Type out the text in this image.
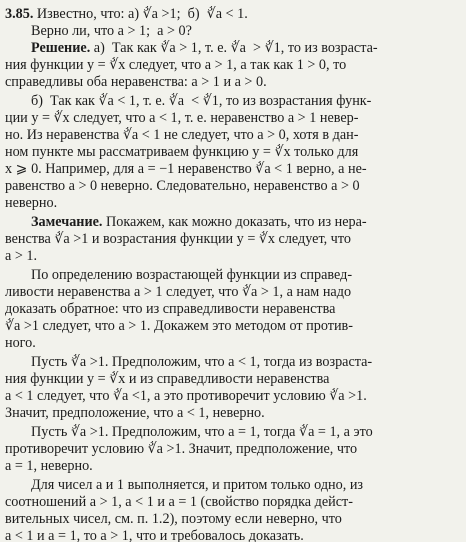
3.85. Известно, что: а) ∛a >1;  б)  ∛a < 1.
Верно ли, что a > 1;  a > 0?
Решение. а)  Так как ∛a > 1, т. е. ∛a  > ∛1, то из возраста-
ния функции y = ∛x следует, что a > 1, а так как 1 > 0, то
справедливы оба неравенства: a > 1 и a > 0.
б)  Так как ∛a < 1, т. е. ∛a  < ∛1, то из возрастания функ-
ции y = ∛x следует, что a < 1, т. е. неравенство a > 1 невер-
но. Из неравенства ∛a < 1 не следует, что a > 0, хотя в дан-
ном пункте мы рассматриваем функцию y = ∛x только для
x ⩾ 0. Например, для a = −1 неравенство ∛a < 1 верно, а не-
равенство a > 0 неверно. Следовательно, неравенство a > 0
неверно.
Замечание. Покажем, как можно доказать, что из нера-
венства ∛a >1 и возрастания функции y = ∛x следует, что
a > 1.
По определению возрастающей функции из справед-
ливости неравенства a > 1 следует, что ∛a > 1, а нам надо
доказать обратное: что из справедливости неравенства
∛a >1 следует, что a > 1. Докажем это методом от против-
ного.
Пусть ∛a >1. Предположим, что a < 1, тогда из возраста-
ния функции y = ∛x и из справедливости неравенства
a < 1 следует, что ∛a <1, а это противоречит условию ∛a >1.
Значит, предположение, что a < 1, неверно.
Пусть ∛a >1. Предположим, что a = 1, тогда ∛a = 1, а это
противоречит условию ∛a >1. Значит, предположение, что
a = 1, неверно.
Для чисел a и 1 выполняется, и притом только одно, из
соотношений a > 1, a < 1 и a = 1 (свойство порядка дейст-
вительных чисел, см. п. 1.2), поэтому если неверно, что
a < 1 и a = 1, то a > 1, что и требовалось доказать.
